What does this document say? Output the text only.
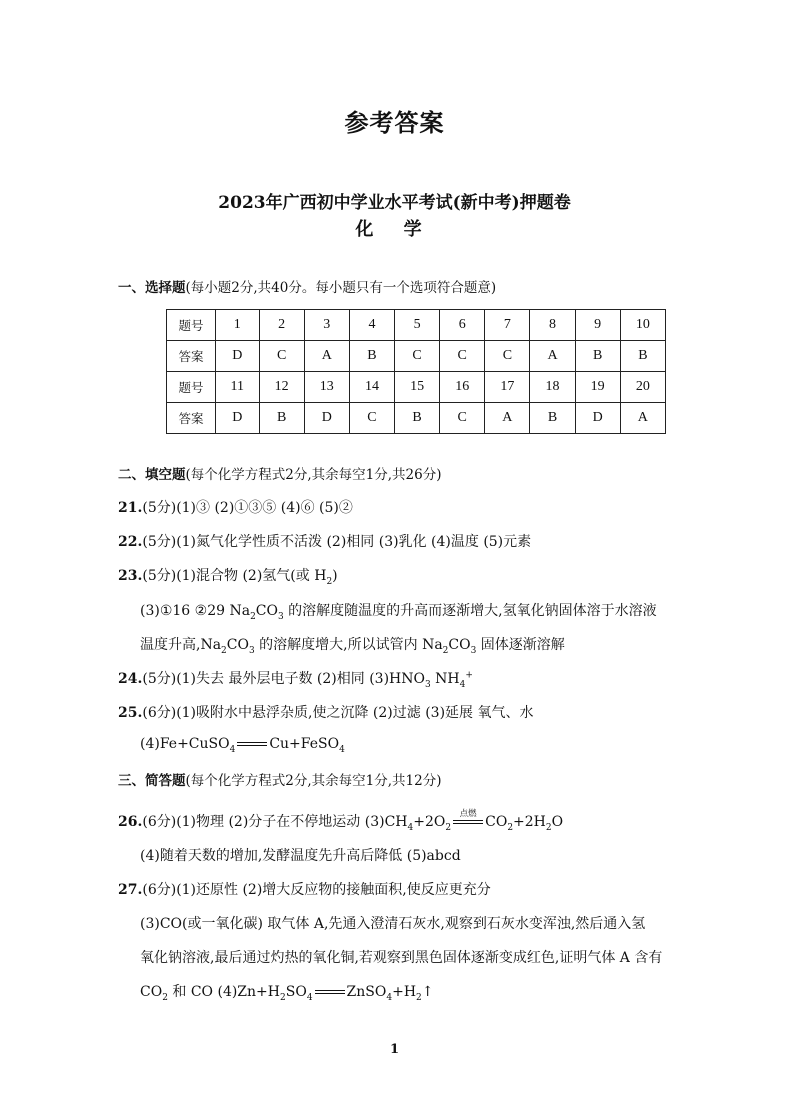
参考答案
2023年广西初中学业水平考试(新中考)押题卷
化 学
一、选择题(每小题2分,共40分。每小题只有一个选项符合题意)
题号	1	2	3	4	5	6	7	8	9	10
答案	D	C	A	B	C	C	C	A	B	B
题号	11	12	13	14	15	16	17	18	19	20
答案	D	B	D	C	B	C	A	B	D	A
二、填空题(每个化学方程式2分,其余每空1分,共26分)
21.(5分)(1)③ (2)①③⑤ (4)⑥ (5)②
22.(5分)(1)氮气化学性质不活泼 (2)相同 (3)乳化 (4)温度 (5)元素
23.(5分)(1)混合物 (2)氢气(或 $H_2$)
(3)①16 ②29 $Na_2CO_3$ 的溶解度随温度的升高而逐渐增大,氢氧化钠固体溶于水溶液
温度升高$,Na_2CO_3$ 的溶解度增大,所以试管内 $Na_2CO_3$ 固体逐渐溶解
24.(5分)(1)失去 最外层电子数 (2)相同 $(3)HNO_3$ $NH_4^+$
25.(6分)(1)吸附水中悬浮杂质,使之沉降 (2)过滤 (3)延展 氧气、水
(4)Fe+CuSO$_4$ Cu+FeSO$_4$
三、简答题(每个化学方程式2分,其余每空1分,共12分)
26.(6分)(1)物理 (2)分子在不停地运动 $(3)CH_4+2O_2$
点燃 $CO_2+2H_2O$
(4)随着天数的增加,发酵温度先升高后降低 (5)abcd
27.(6分)(1)还原性 (2)增大反应物的接触面积,使反应更充分
(3)CO(或一氧化碳) 取气体 A,先通入澄清石灰水,观察到石灰水变浑浊,然后通入氢
氧化钠溶液,最后通过灼热的氧化铜,若观察到黑色固体逐渐变成红色,证明气体 A 含有
$CO_2$ 和 CO $(4)Zn+H_2SO_4$ $ZnSO_4+H_2↑$
1
